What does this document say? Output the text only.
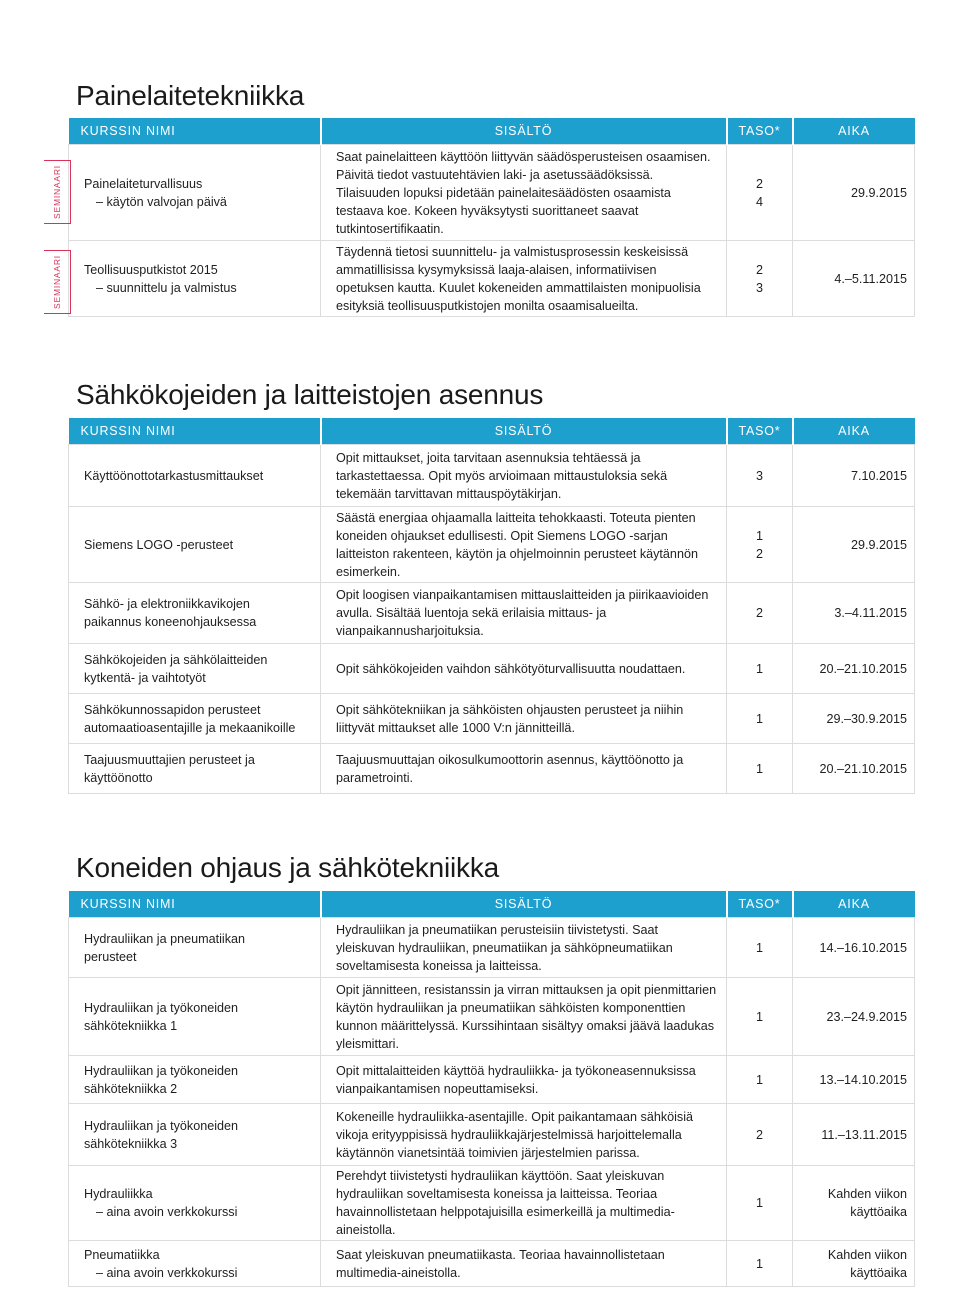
Painelaitetekniikka
KURSSIN NIMI	SISÄLTÖ	TASO*	AIKA

Painelaiteturvallisuus
– käytön valvojan päivä	Saat painelaitteen käyttöön liittyvän säädösperusteisen osaamisen. Päivitä tiedot vastuutehtävien laki- ja asetussäädöksissä. Tilaisuuden lopuksi pidetään painelaitesäädösten osaamista testaava koe. Kokeen hyväksytysti suorittaneet saavat tutkintosertifikaatin.	2
4	29.9.2015

Teollisuusputkistot 2015
– suunnittelu ja valmistus	Täydennä tietosi suunnittelu- ja valmistusprosessin keskeisissä ammatillisissa kysymyksissä laaja-alaisen, informatiivisen opetuksen kautta. Kuulet kokeneiden ammattilaisten monipuolisia esityksiä teollisuusputkistojen monilta osaamisalueilta.	2
3	4.–5.11.2015
SEMINAARI
SEMINAARI
Sähkökojeiden ja laitteistojen asennus
KURSSIN NIMI	SISÄLTÖ	TASO*	AIKA
Käyttöönottotarkastusmittaukset	Opit mittaukset, joita tarvitaan asennuksia tehtäessä ja tarkastettaessa. Opit myös arvioimaan mittaustuloksia sekä tekemään tarvittavan mittauspöytäkirjan.	3	7.10.2015
Siemens LOGO -perusteet	Säästä energiaa ohjaamalla laitteita tehokkaasti. Toteuta pienten koneiden ohjaukset edullisesti. Opit Siemens LOGO -sarjan laitteiston rakenteen, käytön ja ohjelmoinnin perusteet käytännön esimerkein.	1
2	29.9.2015

Sähkö- ja elektroniikkavikojen
paikannus koneenohjauksessa	Opit loogisen vianpaikantamisen mittauslaitteiden ja piirikaavioiden avulla. Sisältää luentoja sekä erilaisia mittaus- ja vianpaikannusharjoituksia.	2	3.–4.11.2015

Sähkökojeiden ja sähkölaitteiden
kytkentä- ja vaihtotyöt	Opit sähkökojeiden vaihdon sähkötyöturvallisuutta noudattaen.	1	20.–21.10.2015

Sähkökunnossapidon perusteet
automaatioasentajille ja mekaanikoille	Opit sähkötekniikan ja sähköisten ohjausten perusteet ja niihin liittyvät mittaukset alle 1000 V:n jännitteillä.	1	29.–30.9.2015

Taajuusmuuttajien perusteet ja
käyttöönotto	Taajuusmuuttajan oikosulkumoottorin asennus, käyttöönotto ja parametrointi.	1	20.–21.10.2015
Koneiden ohjaus ja sähkötekniikka
KURSSIN NIMI	SISÄLTÖ	TASO*	AIKA

Hydrauliikan ja pneumatiikan
perusteet	Hydrauliikan ja pneumatiikan perusteisiin tiivistetysti. Saat yleiskuvan hydrauliikan, pneumatiikan ja sähköpneumatiikan soveltamisesta koneissa ja laitteissa.	1	14.–16.10.2015

Hydrauliikan ja työkoneiden
sähkötekniikka 1	Opit jännitteen, resistanssin ja virran mittauksen ja opit pienmittarien käytön hydrauliikan ja pneumatiikan sähköisten komponenttien kunnon määrittelyssä. Kurssihintaan sisältyy omaksi jäävä laadukas yleismittari.	1	23.–24.9.2015

Hydrauliikan ja työkoneiden
sähkötekniikka 2	Opit mittalaitteiden käyttöä hydrauliikka- ja työkoneasennuksissa vianpaikantamisen nopeuttamiseksi.	1	13.–14.10.2015

Hydrauliikan ja työkoneiden
sähkötekniikka 3	Kokeneille hydrauliikka-asentajille. Opit paikantamaan sähköisiä vikoja erityyppisissä hydrauliikkajärjestelmissä harjoittelemalla käytännön vianetsintää toimivien järjestelmien parissa.	2	11.–13.11.2015

Hydrauliikka
– aina avoin verkkokurssi	Perehdyt tiivistetysti hydrauliikan käyttöön. Saat yleiskuvan hydrauliikan soveltamisesta koneissa ja laitteissa. Teoriaa havainnollistetaan helppotajuisilla esimerkeillä ja multimedia-aineistolla.	1	Kahden viikon
käyttöaika

Pneumatiikka
– aina avoin verkkokurssi	Saat yleiskuvan pneumatiikasta. Teoriaa havainnollistetaan multimedia-aineistolla.	1	Kahden viikon
käyttöaika
